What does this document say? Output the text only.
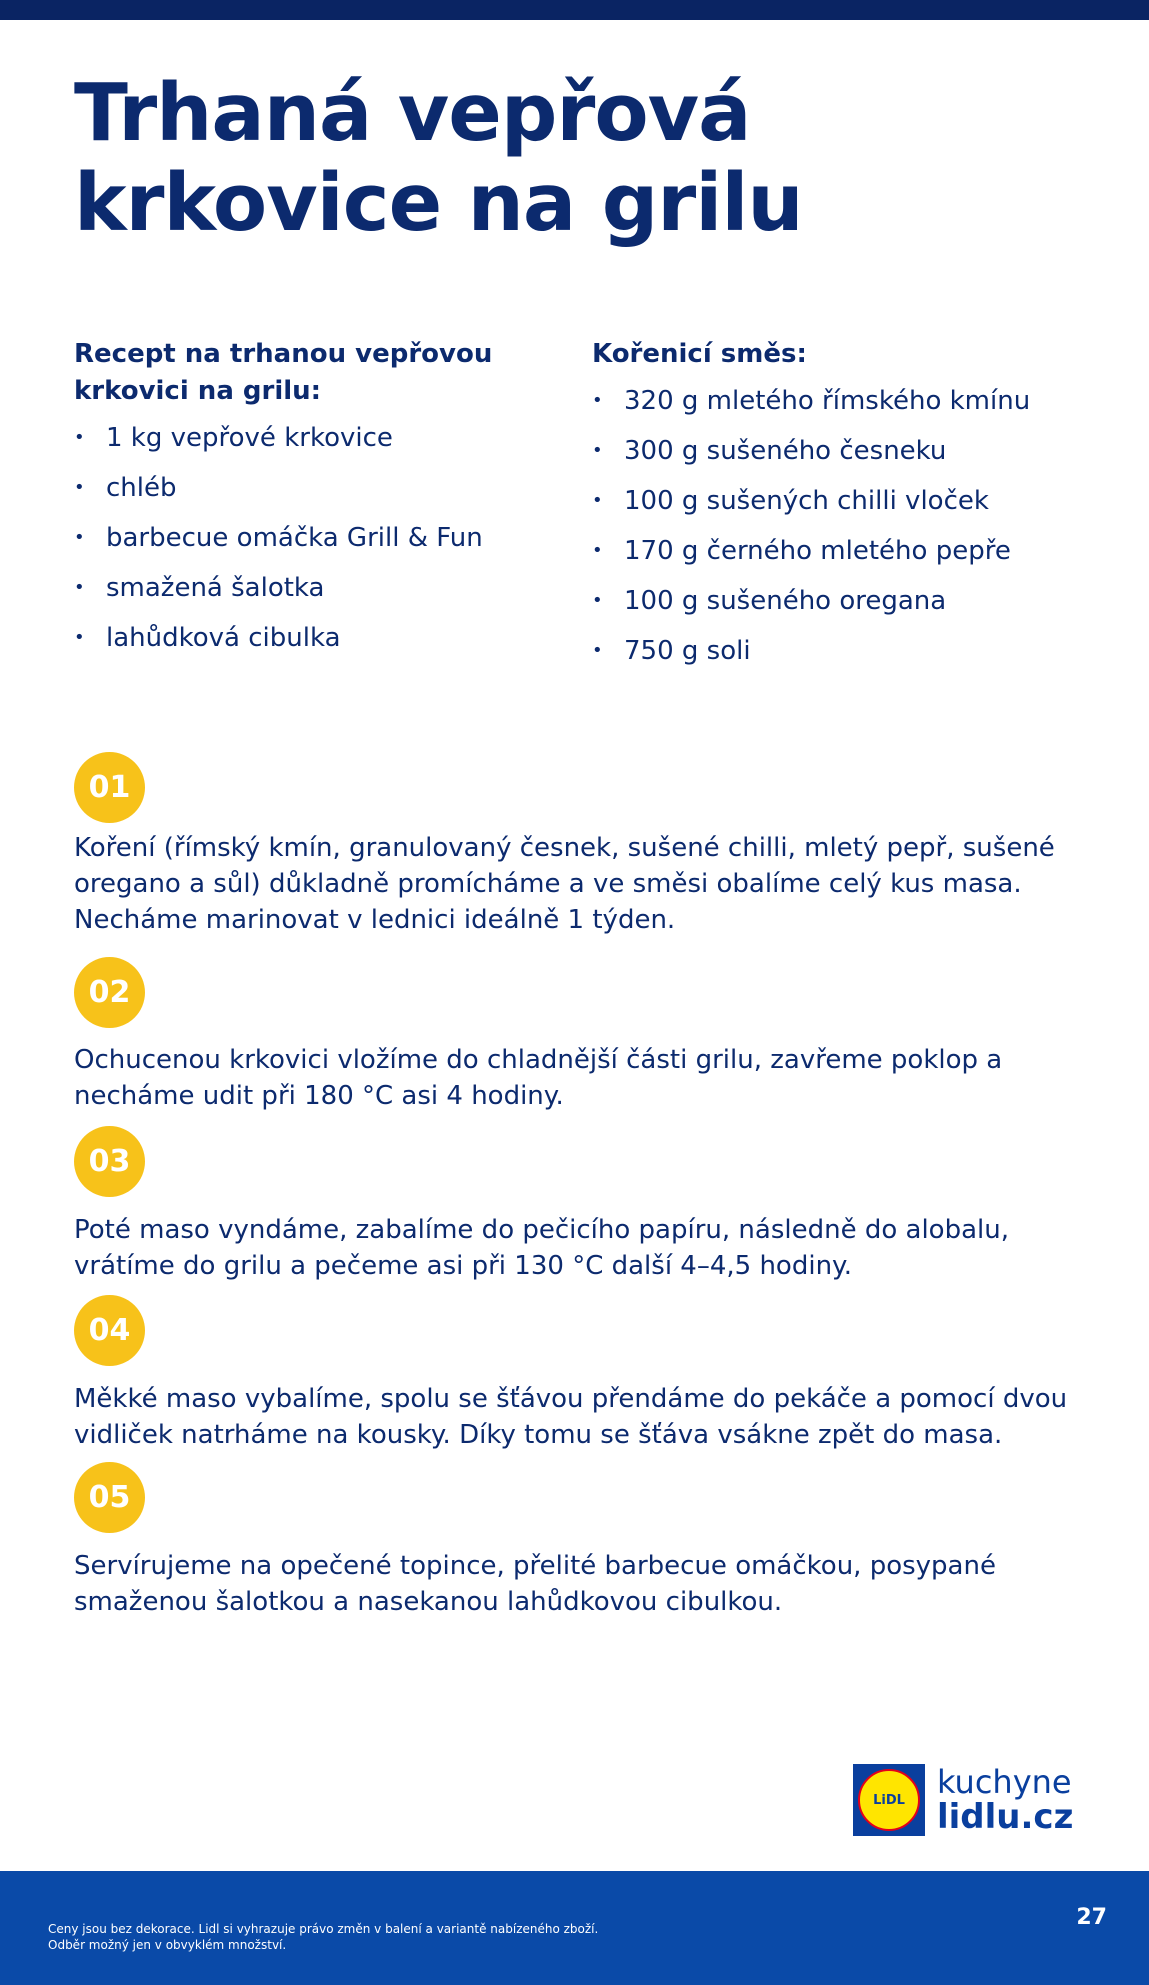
Trhaná vepřová krkovice na grilu
Recept na trhanou vepřovou krkovici na grilu:
• 1 kg vepřové krkovice
• chléb
• barbecue omáčka Grill & Fun
• smažená šalotka
• lahůdková cibulka
Kořenicí směs:
• 320 g mletého římského kmínu
• 300 g sušeného česneku
• 100 g sušených chilli vloček
• 170 g černého mletého pepře
• 100 g sušeného oregana
• 750 g soli
01

Koření (římský kmín, granulovaný česnek, sušené chilli, mletý pepř, sušené oregano a sůl) důkladně promícháme a ve směsi obalíme celý kus masa. Necháme marinovat v lednici ideálně 1 týden.

02

Ochucenou krkovici vložíme do chladnější části grilu, zavřeme poklop a necháme udit při 180 °C asi 4 hodiny.

03

Poté maso vyndáme, zabalíme do pečicího papíru, následně do alobalu, vrátíme do grilu a pečeme asi při 130 °C další 4–4,5 hodiny.

04

Měkké maso vybalíme, spolu se šťávou přendáme do pekáče a pomocí dvou vidliček natrháme na kousky. Díky tomu se šťáva vsákne zpět do masa.

05

Servírujeme na opečené topince, přelité barbecue omáčkou, posypané smaženou šalotkou a nasekanou lahůdkovou cibulkou.

LiDL kuchyne
lidlu.cz

Ceny jsou bez dekorace. Lidl si vyhrazuje právo změn v balení a variantě nabízeného zboží.
Odběr možný jen v obvyklém množství.

27
